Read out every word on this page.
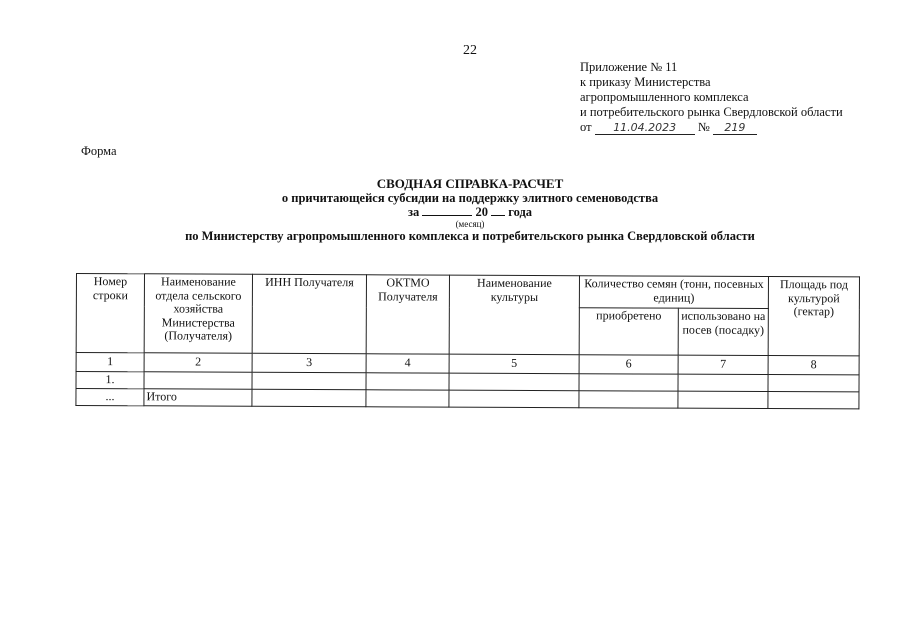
22
Приложение № 11
к приказу Министерства
агропромышленного комплекса
и потребительского рынка Свердловской области
от 11.04.2023 № 219
Форма
СВОДНАЯ СПРАВКА-РАСЧЕТ
о причитающейся субсидии на поддержку элитного семеноводства
за	20 года
(месяц)
по Министерству агропромышленного комплекса и потребительского рынка Свердловской области
Номер строки	Наименование отдела сельского хозяйства Министерства (Получателя)	ИНН Получателя	ОКТМО Получателя	Наименование культуры	Количество семян (тонн, посевных единиц)		Площадь под культурой (гектар)
					приобретено	использовано на посев (посадку)	
1	2	3	4	5	6	7	8
1.							
...	Итого						
